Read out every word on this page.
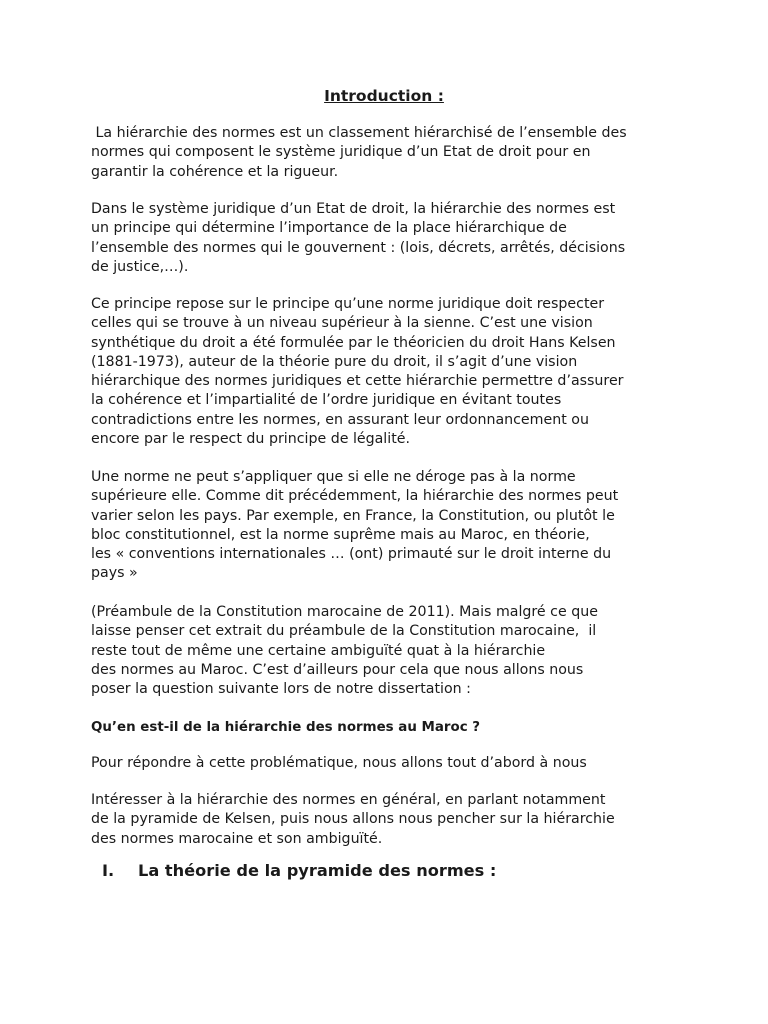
Introduction :

La hiérarchie des normes est un classement hiérarchisé de l’ensemble des
normes qui composent le système juridique d’un Etat de droit pour en
garantir la cohérence et la rigueur.

Dans le système juridique d’un Etat de droit, la hiérarchie des normes est
un principe qui détermine l’importance de la place hiérarchique de
l’ensemble des normes qui le gouvernent : (lois, décrets, arrêtés, décisions
de justice,…).

Ce principe repose sur le principe qu’une norme juridique doit respecter
celles qui se trouve à un niveau supérieur à la sienne. C’est une vision
synthétique du droit a été formulée par le théoricien du droit Hans Kelsen
(1881-1973), auteur de la théorie pure du droit, il s’agit d’une vision
hiérarchique des normes juridiques et cette hiérarchie permettre d’assurer
la cohérence et l’impartialité de l’ordre juridique en évitant toutes
contradictions entre les normes, en assurant leur ordonnancement ou
encore par le respect du principe de légalité.

Une norme ne peut s’appliquer que si elle ne déroge pas à la norme
supérieure elle. Comme dit précédemment, la hiérarchie des normes peut
varier selon les pays. Par exemple, en France, la Constitution, ou plutôt le
bloc constitutionnel, est la norme suprême mais au Maroc, en théorie,
les « conventions internationales … (ont) primauté sur le droit interne du
pays »

(Préambule de la Constitution marocaine de 2011). Mais malgré ce que
laisse penser cet extrait du préambule de la Constitution marocaine,  il
reste tout de même une certaine ambiguïté quat à la hiérarchie
des normes au Maroc. C’est d’ailleurs pour cela que nous allons nous
poser la question suivante lors de notre dissertation :

Qu’en est-il de la hiérarchie des normes au Maroc ?

Pour répondre à cette problématique, nous allons tout d’abord à nous

Intéresser à la hiérarchie des normes en général, en parlant notamment
de la pyramide de Kelsen, puis nous allons nous pencher sur la hiérarchie
des normes marocaine et son ambiguïté.

I. La théorie de la pyramide des normes :
